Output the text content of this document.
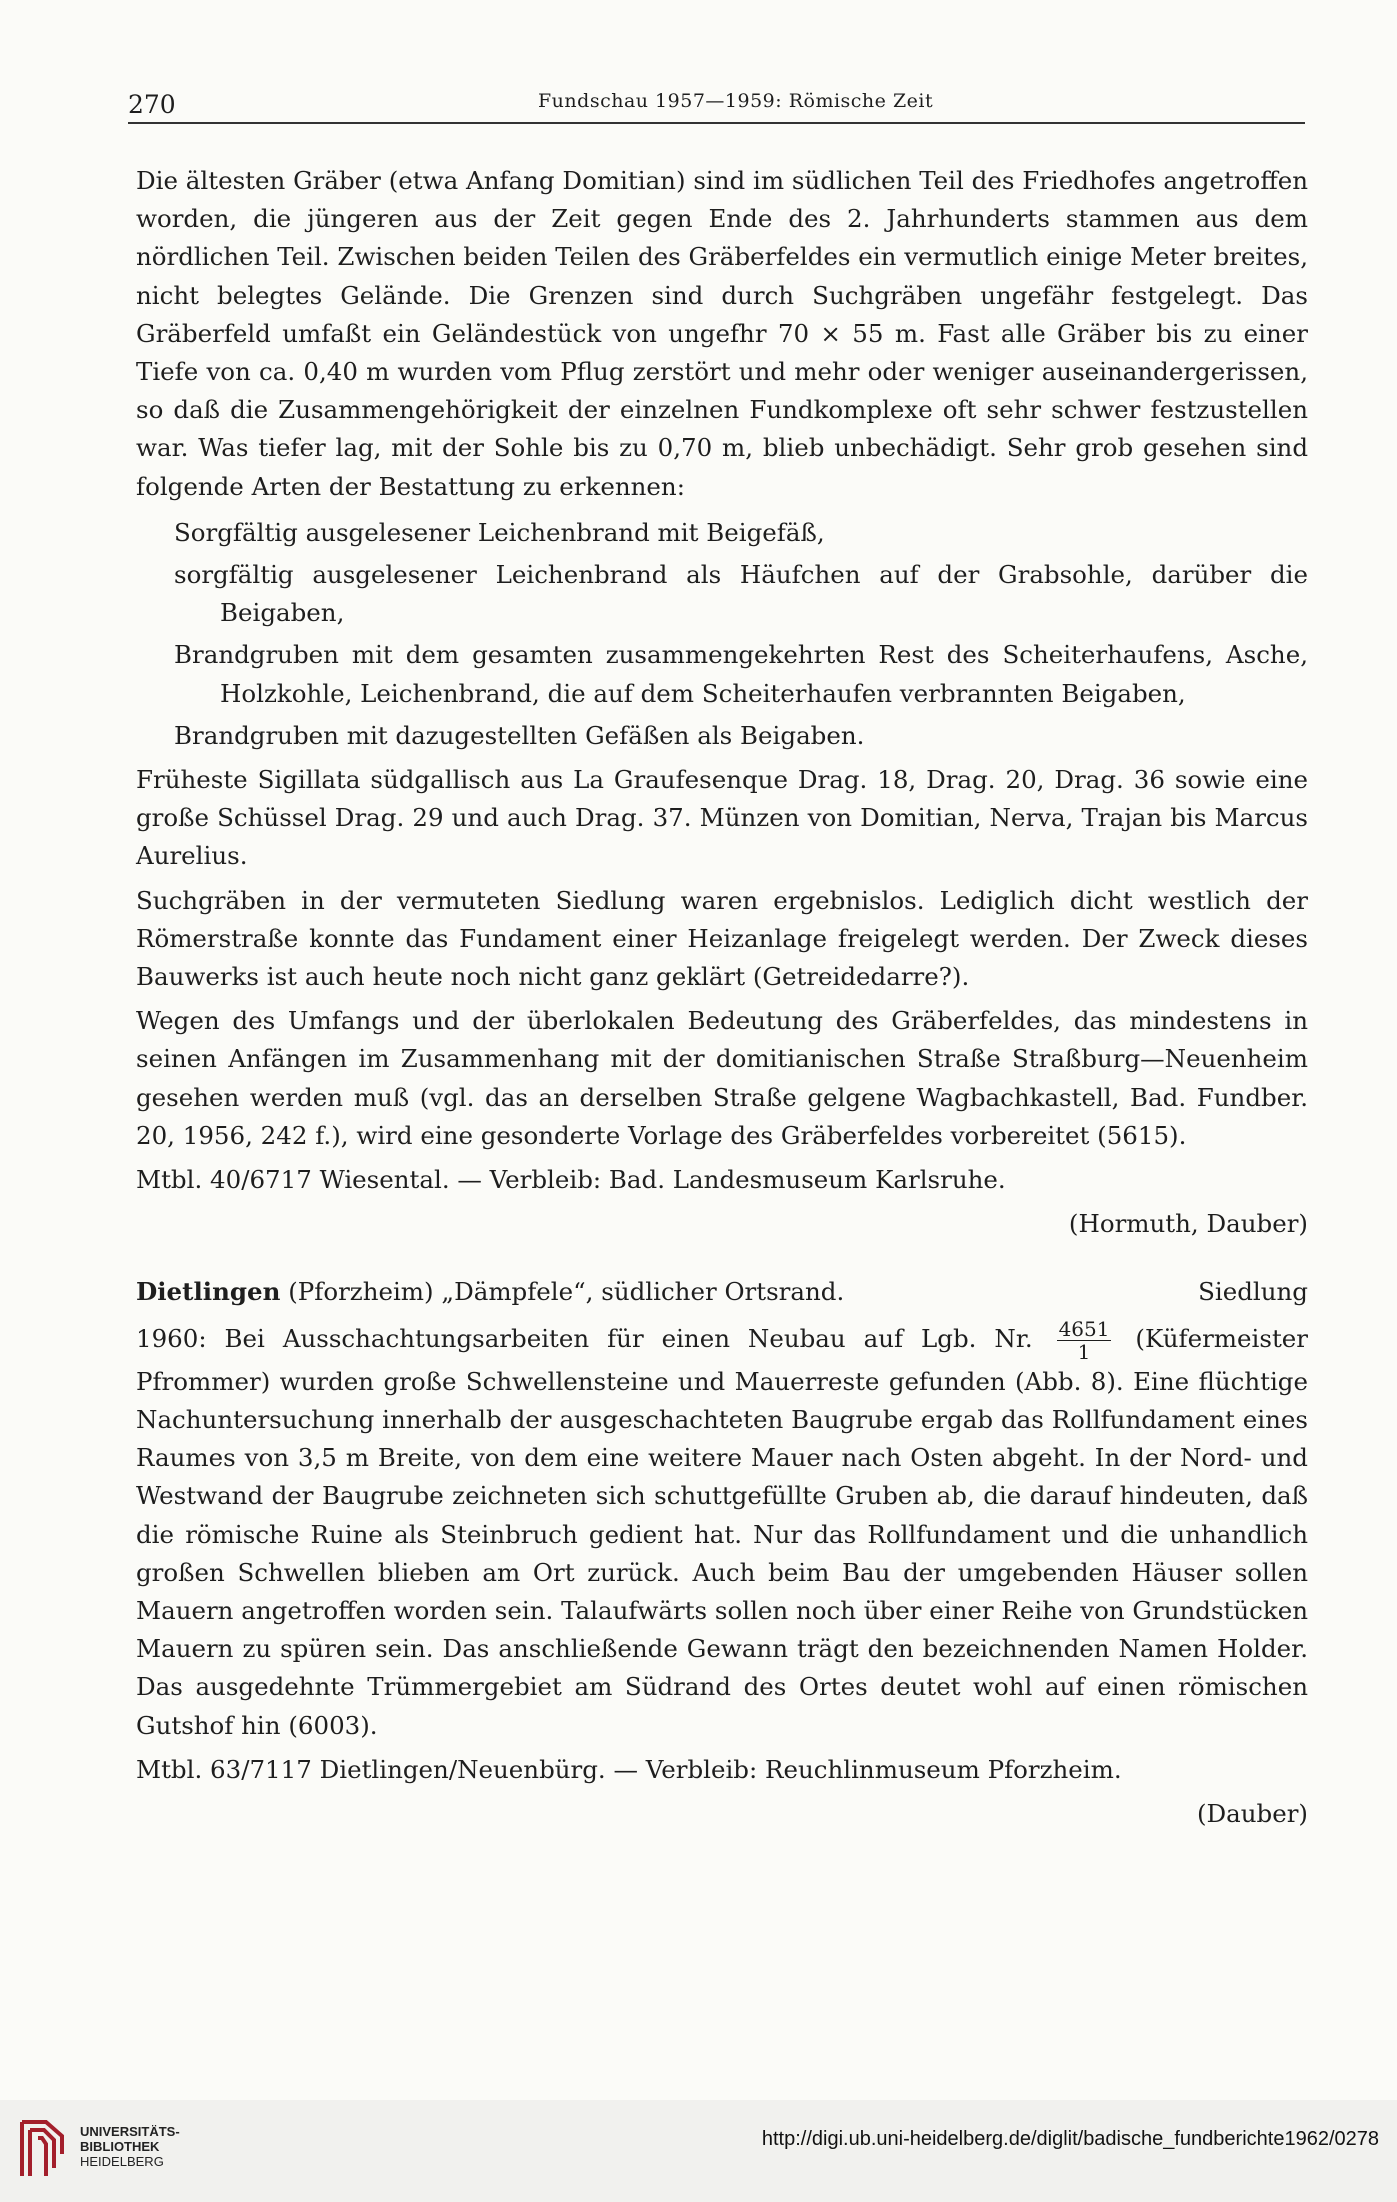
270	Fundschau 1957—1959: Römische Zeit

Die ältesten Gräber (etwa Anfang Domitian) sind im südlichen Teil des Friedhofes angetroffen worden, die jüngeren aus der Zeit gegen Ende des 2. Jahrhunderts stammen aus dem nördlichen Teil. Zwischen beiden Teilen des Gräberfeldes ein vermutlich einige Meter breites, nicht belegtes Gelände. Die Grenzen sind durch Suchgräben ungefähr festgelegt. Das Gräberfeld umfaßt ein Geländestück von ungefhr 70 × 55 m. Fast alle Gräber bis zu einer Tiefe von ca. 0,40 m wurden vom Pflug zerstört und mehr oder weniger auseinandergerissen, so daß die Zusammengehörigkeit der einzelnen Fundkomplexe oft sehr schwer festzustellen war. Was tiefer lag, mit der Sohle bis zu 0,70 m, blieb unbechädigt. Sehr grob gesehen sind folgende Arten der Bestattung zu erkennen:

Sorgfältig ausgelesener Leichenbrand mit Beigefäß,
sorgfältig ausgelesener Leichenbrand als Häufchen auf der Grabsohle, darüber die Beigaben,
Brandgruben mit dem gesamten zusammengekehrten Rest des Scheiterhaufens, Asche, Holzkohle, Leichenbrand, die auf dem Scheiterhaufen verbrannten Beigaben,
Brandgruben mit dazugestellten Gefäßen als Beigaben.

Früheste Sigillata südgallisch aus La Graufesenque Drag. 18, Drag. 20, Drag. 36 sowie eine große Schüssel Drag. 29 und auch Drag. 37. Münzen von Domitian, Nerva, Trajan bis Marcus Aurelius.

Suchgräben in der vermuteten Siedlung waren ergebnislos. Lediglich dicht westlich der Römerstraße konnte das Fundament einer Heizanlage freigelegt werden. Der Zweck dieses Bauwerks ist auch heute noch nicht ganz geklärt (Getreidedarre?).

Wegen des Umfangs und der überlokalen Bedeutung des Gräberfeldes, das mindestens in seinen Anfängen im Zusammenhang mit der domitianischen Straße Straßburg—Neuenheim gesehen werden muß (vgl. das an derselben Straße gelgene Wagbachkastell, Bad. Fundber. 20, 1956, 242 f.), wird eine gesonderte Vorlage des Gräberfeldes vorbereitet (5615).

Mtbl. 40/6717 Wiesental. — Verbleib: Bad. Landesmuseum Karlsruhe.

(Hormuth, Dauber)

Dietlingen (Pforzheim) „Dämpfele“, südlicher Ortsrand.	Siedlung

1960: Bei Ausschachtungsarbeiten für einen Neubau auf Lgb. Nr. $\frac{4651}{1}$ (Küfermeister Pfrommer) wurden große Schwellensteine und Mauerreste gefunden (Abb. 8). Eine flüchtige Nachuntersuchung innerhalb der ausgeschachteten Baugrube ergab das Rollfundament eines Raumes von 3,5 m Breite, von dem eine weitere Mauer nach Osten abgeht. In der Nord- und Westwand der Baugrube zeichneten sich schuttgefüllte Gruben ab, die darauf hindeuten, daß die römische Ruine als Steinbruch gedient hat. Nur das Rollfundament und die unhandlich großen Schwellen blieben am Ort zurück. Auch beim Bau der umgebenden Häuser sollen Mauern angetroffen worden sein. Talaufwärts sollen noch über einer Reihe von Grundstücken Mauern zu spüren sein. Das anschließende Gewann trägt den bezeichnenden Namen Holder. Das ausgedehnte Trümmergebiet am Südrand des Ortes deutet wohl auf einen römischen Gutshof hin (6003).

Mtbl. 63/7117 Dietlingen/Neuenbürg. — Verbleib: Reuchlinmuseum Pforzheim.

(Dauber)

UNIVERSITÄTS-
BIBLIOTHEK
HEIDELBERG
http://digi.ub.uni-heidelberg.de/diglit/badische_fundberichte1962/0278
